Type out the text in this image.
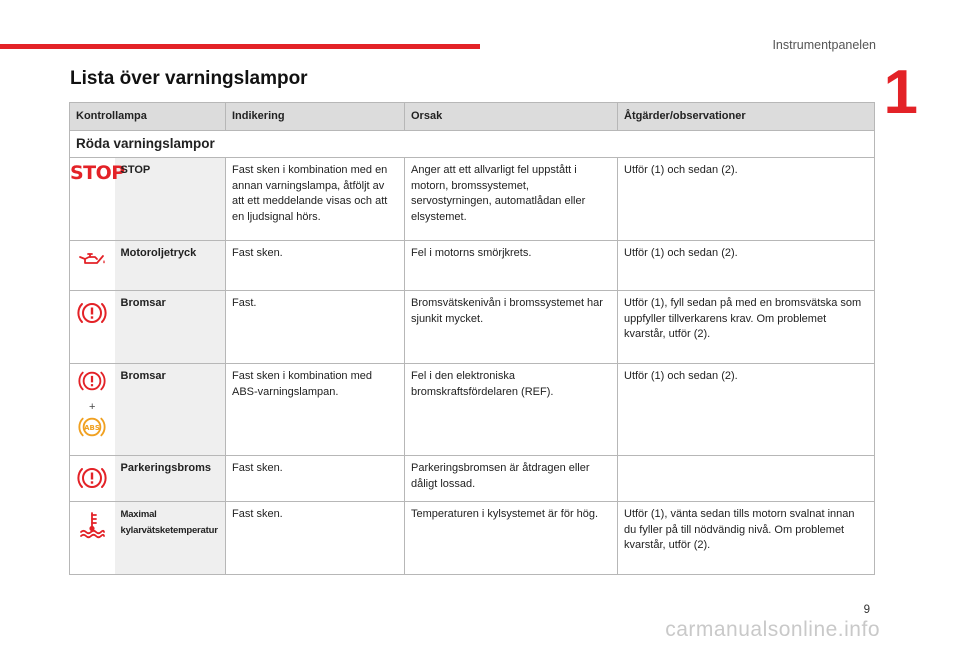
Instrumentpanelen
1
Lista över varningslampor
Kontrollampa		Indikering	Orsak	Åtgärder/observationer
Röda varningslampor				
STOP	STOP	Fast sken i kombination med en annan varningslampa, åtföljt av att ett meddelande visas och att en ljudsignal hörs.	Anger att ett allvarligt fel uppstått i motorn, bromssystemet, servostyrningen, automatlådan eller elsystemet.	Utför (1) och sedan (2).
	Motoroljetryck	Fast sken.	Fel i motorns smörjkrets.	Utför (1) och sedan (2).
	Bromsar	Fast.	Bromsvätskenivån i bromssystemet har sjunkit mycket.	Utför (1), fyll sedan på med en bromsvätska som uppfyller tillverkarens krav. Om problemet kvarstår, utför (2).

+
ABS	Bromsar	Fast sken i kombination med ABS-varningslampan.	Fel i den elektroniska bromskraftsfördelaren (REF).	Utför (1) och sedan (2).
	Parkeringsbroms	Fast sken.	Parkeringsbromsen är åtdragen eller dåligt lossad.	
	Maximal kylarvätsketemperatur	Fast sken.	Temperaturen i kylsystemet är för hög.	Utför (1), vänta sedan tills motorn svalnat innan du fyller på till nödvändig nivå. Om problemet kvarstår, utför (2).
9
carmanualsonline.info
